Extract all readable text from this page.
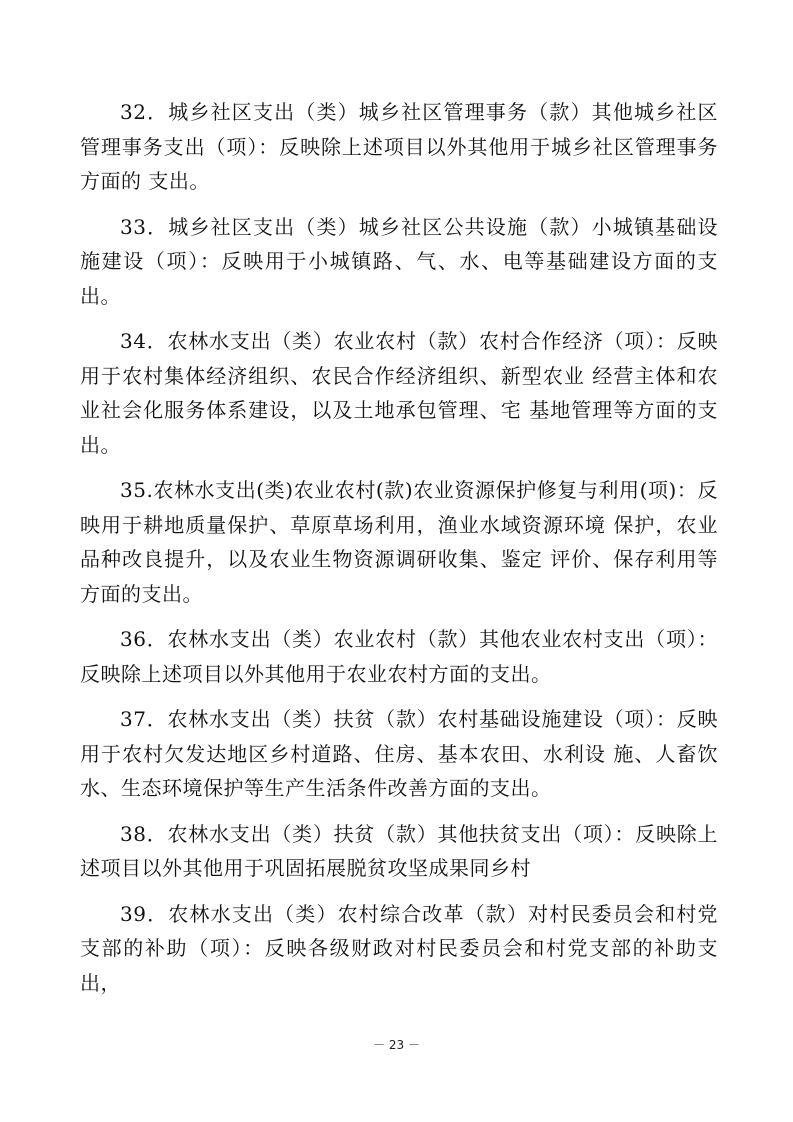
32．城乡社区支出（类）城乡社区管理事务（款）其他城乡社区管理事务支出（项）：反映除上述项目以外其他用于城乡社区管理事务方面的 支出。

33．城乡社区支出（类）城乡社区公共设施（款）小城镇基础设施建设（项）：反映用于小城镇路、气、水、电等基础建设方面的支出。

34．农林水支出（类）农业农村（款）农村合作经济（项）：反映用于农村集体经济组织、农民合作经济组织、新型农业 经营主体和农业社会化服务体系建设，以及土地承包管理、宅 基地管理等方面的支出。

35.农林水支出(类)农业农村(款)农业资源保护修复与利用(项)：反映用于耕地质量保护、草原草场利用，渔业水域资源环境 保护，农业品种改良提升，以及农业生物资源调研收集、鉴定 评价、保存利用等方面的支出。

36．农林水支出（类）农业农村（款）其他农业农村支出（项）：反映除上述项目以外其他用于农业农村方面的支出。

37．农林水支出（类）扶贫（款）农村基础设施建设（项）：反映用于农村欠发达地区乡村道路、住房、基本农田、水利设 施、人畜饮水、生态环境保护等生产生活条件改善方面的支出。

38．农林水支出（类）扶贫（款）其他扶贫支出（项）：反映除上述项目以外其他用于巩固拓展脱贫攻坚成果同乡村

39．农林水支出（类）农村综合改革（款）对村民委员会和村党支部的补助（项）：反映各级财政对村民委员会和村党支部的补助支出，

－ 23 －
